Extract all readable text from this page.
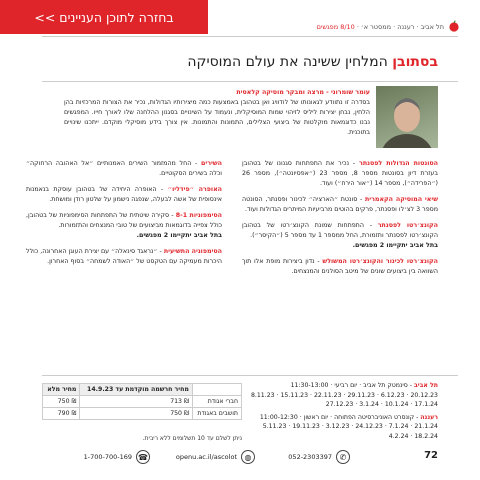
בחזרה לתוכן העניינים >>
תל אביב · רעננה · ממסטר א׳ · 8/10 מפגשים
בסתובן המלחין ששינה את עולם המוסיקה
עומר שומרוני - מרצה ומבקר מוסיקה קלאסית
בסדרה זו נתוודע לגאונותו של לודוויג ואן בטהובן באמצעות כמה מיצירותיו הגדולות, נכיר את הצורות המרכזיות בהן הלחין, נבחן יצירות ליליס לזיהוי שמות המוסיקלית, ונעמוד על השינויים בסגנון ההלחנה שלו לאורך חייו. המפגשים נבנו כדוגמאות מוקלטות של ביצועי הצלילים, התמונות והתמונות. אין צורך בידע מוסיקלי מוקדם. ייתכנו שינויים בתוכנית.
הסונטות הגדולות לפסנתר - נכיר את התפתחות סגנונו של בטהובן בעזרת דיון בסונטות מספר 8, מספר 23 (״אפסיונטה״), מספר 26 (״הפרידה״), מספר 14 (״אור הירח״) ועוד.
שיאי המוסיקה הקאמרית - סונטת ״הארציה״ לכינור ופסנתר, הסונטה מספר 3 לצ׳לו ופסנתר, פרקים בהוטים מרביעיות המיתרים הגדולות ועוד.
הקונצ׳רטו לפסנתר - התפתחות שמונת הקונצ׳רטו של בטהובן הקונצ׳רטו לפסנתר ותזמורת, החל ממספר 1 עד מספר 5 (״הקיסר״).
בתל אביב יתקיימו 2 מפגשים.
הקונצ׳רטו לכינור והקונצ׳רטו המשולש - נדון ביצירות מופת אלו תוך השוואה בין ביצועים שונים של מיטב הסולנים והמנצחים.
השירים - החל מהמזמור השירים האמנותיים ״אל האהובה הרחוקה״ וכלה בשירים הסקוטיים.
האופרה ״פידליו״ - האופרה היחידה של בטהובן עוסקת בנאמנות אינסופית של אשה לבעלה, שנפגה נישמון על שלטון רודן ומושחת.
הסימפוניות 8-1 - סקירה שיטתית של התפתחות הסימפוניות של בטהובן, כולל צפייה בדוגמאות מביצועים של טובי המנצחים והתזמורות.
בתל אביב יתקיימו 2 מפגשים.
הסימפוניה התשיעית - ״נראגד סינאלה״ עם יצירת העוגן האחרונה, כולל היכרות מעמיקה עם הטקסט של ״האודה לשמחה״ בסוף האחרון.
תל אביב - סינמטק תל אביב · יום רביעי · 11:30-13:00
20.12.23 · 6.12.23 · 29.11.23 · 22.11.23 · 15.11.23 · 8.11.23
17.1.24 · 10.1.24 · 3.1.24 · 27.12.23
רעננה - קונסרט האוניברסיטה הפתוחה · יום ראשון · 11:00-12:30
21.1.24 · 7.1.24 · 24.12.23 · 3.12.23 · 19.11.23 · 5.11.23
18.2.24 · 4.2.24
	מחיר חרשמה מוקדמת עד 14.9.23	מחיר מלא
חברי אגודת	₪ 713	₪ 750
תושבים באגודת	₪ 750	₪ 790
ניתן לשלם עד 10 תשלומים ללא ריבית.
72
052-2303397 ✆
openu.ac.il/ascolot ◍
1-700-700-169 ☎
